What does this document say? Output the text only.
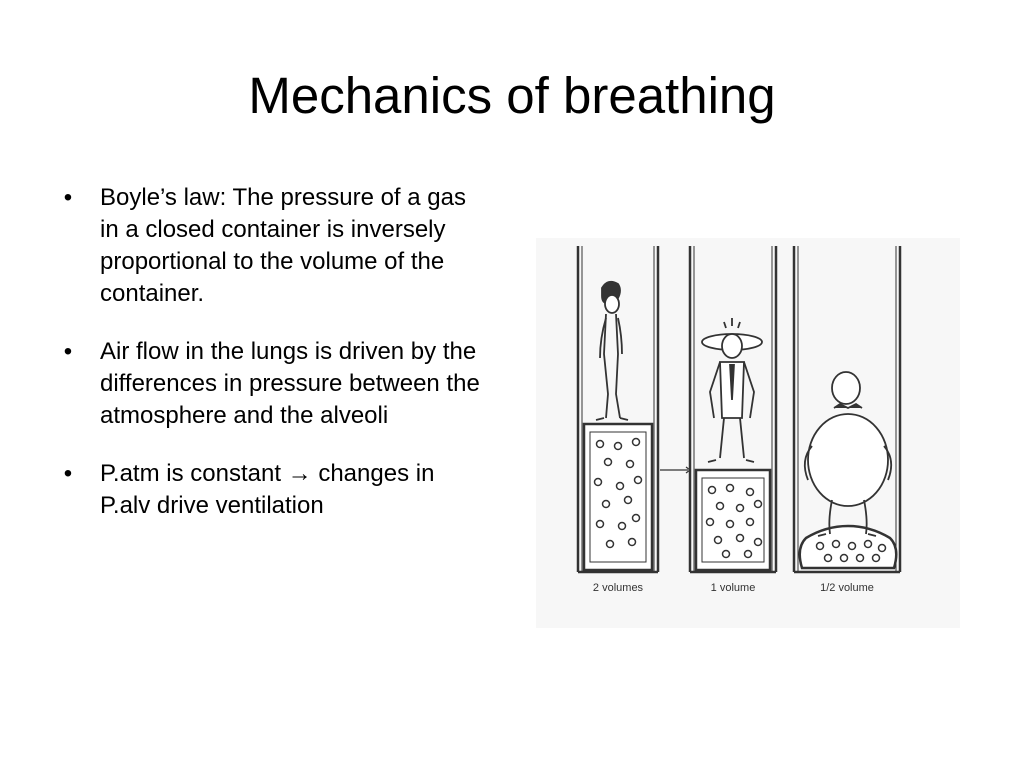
Mechanics of breathing
• Boyle’s law: The pressure of a gas in a closed container is inversely proportional to the volume of the container.
• Air flow in the lungs is driven by the differences in pressure between the atmosphere and the alveoli
• P.atm is constant → changes in P.alv drive ventilation
2 volumes	1 volume	1/2 volume
